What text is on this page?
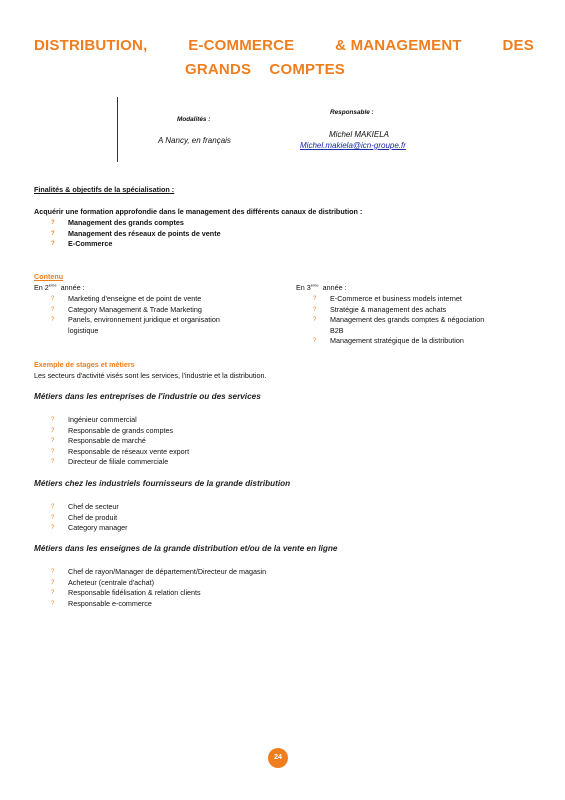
DISTRIBUTION,	E-COMMERCE	& MANAGEMENT	DES
GRANDS COMPTES
Modalités :
A Nancy, en français
Responsable :
Michel MAKIELA
Michel.makiela@icn-groupe.fr
Finalités & objectifs de la spécialisation :
Acquérir une formation approfondie dans le management des différents canaux de distribution :
? Management des grands comptes
? Management des réseaux de points de vente
? E-Commerce
Contenu
En 2ème année :
? Marketing d'enseigne et de point de vente
? Category Management & Trade Marketing
? Panels, environnement juridique et organisation logistique
En 3ème année :
? E-Commerce et business models internet
? Stratégie & management des achats
? Management des grands comptes & négociation B2B
? Management stratégique de la distribution
Exemple de stages et métiers
Les secteurs d'activité visés sont les services, l'industrie et la distribution.
Métiers dans les entreprises de l'industrie ou des services
? Ingénieur commercial
? Responsable de grands comptes
? Responsable de marché
? Responsable de réseaux vente export
? Directeur de filiale commerciale
Métiers chez les industriels fournisseurs de la grande distribution
? Chef de secteur
? Chef de produit
? Category manager
Métiers dans les enseignes de la grande distribution et/ou de la vente en ligne
? Chef de rayon/Manager de département/Directeur de magasin
? Acheteur (centrale d'achat)
? Responsable fidélisation & relation clients
? Responsable e-commerce
24
